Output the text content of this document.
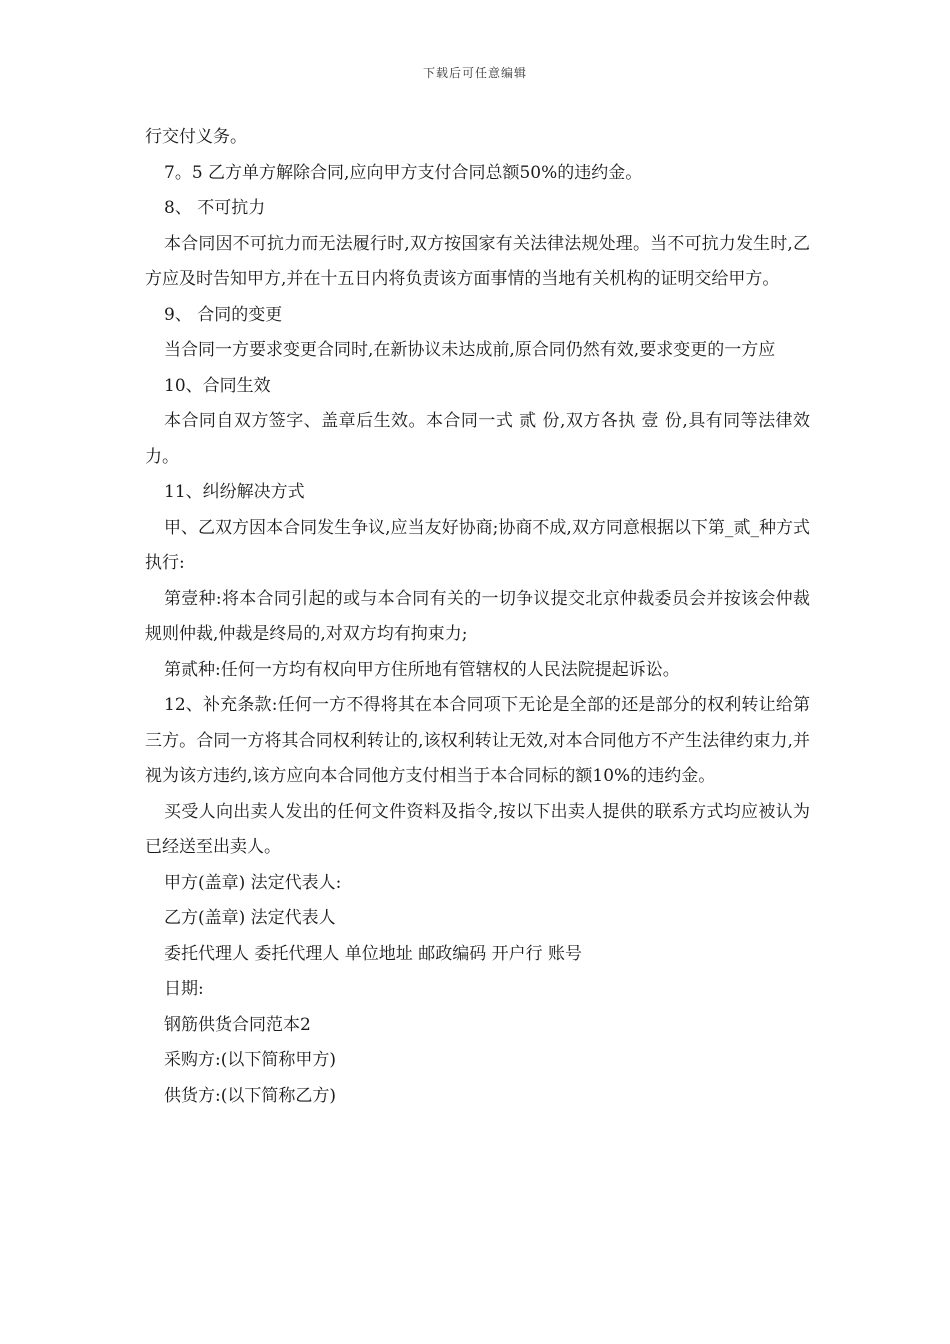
下载后可任意编辑

行交付义务。

7。5 乙方单方解除合同,应向甲方支付合同总额50%的违约金。

8、 不可抗力

本合同因不可抗力而无法履行时,双方按国家有关法律法规处理。当不可抗力发生时,乙方应及时告知甲方,并在十五日内将负责该方面事情的当地有关机构的证明交给甲方。

9、 合同的变更

当合同一方要求变更合同时,在新协议未达成前,原合同仍然有效,要求变更的一方应

10、合同生效

本合同自双方签字、盖章后生效。本合同一式 贰 份,双方各执 壹 份,具有同等法律效力。

11、纠纷解决方式

甲、乙双方因本合同发生争议,应当友好协商;协商不成,双方同意根据以下第_贰_种方式执行:

第壹种:将本合同引起的或与本合同有关的一切争议提交北京仲裁委员会并按该会仲裁规则仲裁,仲裁是终局的,对双方均有拘束力;

第贰种:任何一方均有权向甲方住所地有管辖权的人民法院提起诉讼。

12、补充条款:任何一方不得将其在本合同项下无论是全部的还是部分的权利转让给第三方。合同一方将其合同权利转让的,该权利转让无效,对本合同他方不产生法律约束力,并视为该方违约,该方应向本合同他方支付相当于本合同标的额10%的违约金。

买受人向出卖人发出的任何文件资料及指令,按以下出卖人提供的联系方式均应被认为已经送至出卖人。

甲方(盖章) 法定代表人:

乙方(盖章) 法定代表人

委托代理人 委托代理人 单位地址 邮政编码 开户行 账号

日期:

钢筋供货合同范本2

采购方:(以下简称甲方)

供货方:(以下简称乙方)
